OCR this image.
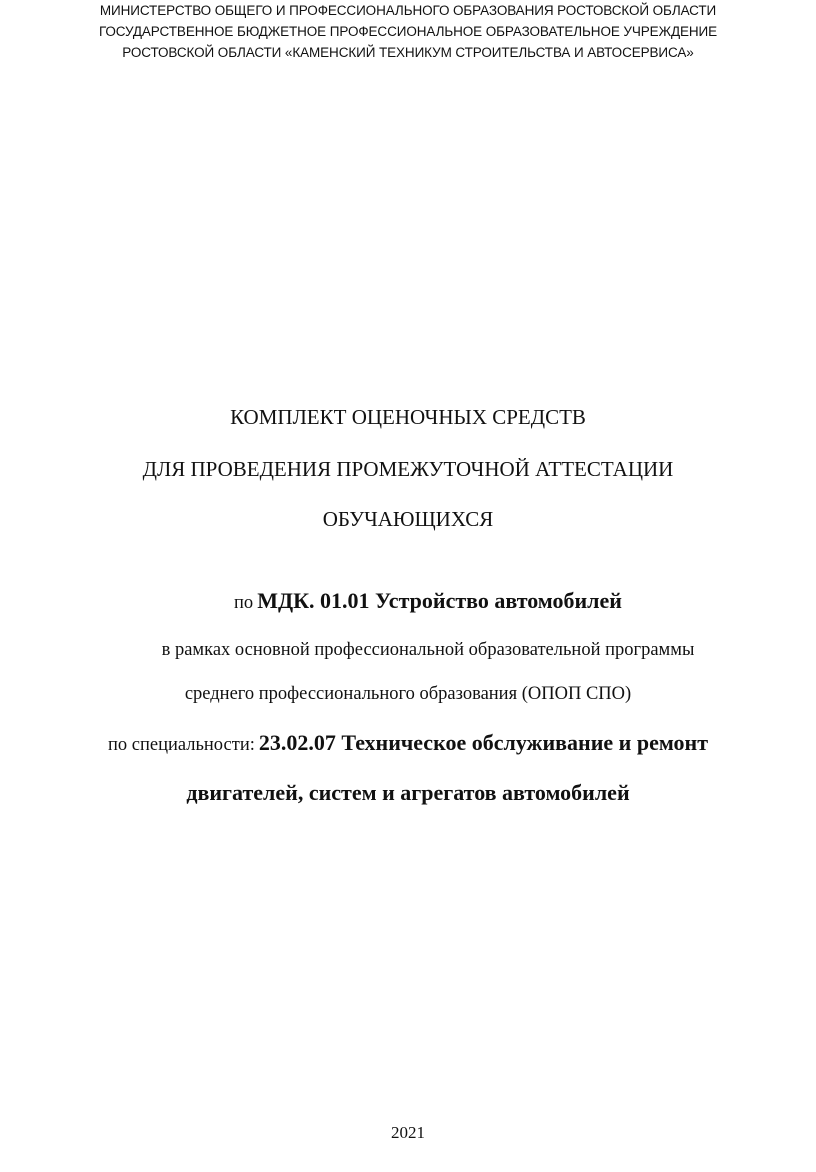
МИНИСТЕРСТВО ОБЩЕГО И ПРОФЕССИОНАЛЬНОГО ОБРАЗОВАНИЯ РОСТОВСКОЙ ОБЛАСТИ
ГОСУДАРСТВЕННОЕ БЮДЖЕТНОЕ ПРОФЕССИОНАЛЬНОЕ ОБРАЗОВАТЕЛЬНОЕ УЧРЕЖДЕНИЕ
РОСТОВСКОЙ ОБЛАСТИ «КАМЕНСКИЙ ТЕХНИКУМ СТРОИТЕЛЬСТВА И АВТОСЕРВИСА»
КОМПЛЕКТ ОЦЕНОЧНЫХ СРЕДСТВ
ДЛЯ ПРОВЕДЕНИЯ ПРОМЕЖУТОЧНОЙ АТТЕСТАЦИИ
ОБУЧАЮЩИХСЯ
по МДК. 01.01 Устройство автомобилей
в рамках основной профессиональной образовательной программы
среднего профессионального образования (ОПОП СПО)
по специальности: 23.02.07 Техническое обслуживание и ремонт
двигателей, систем и агрегатов автомобилей
2021
